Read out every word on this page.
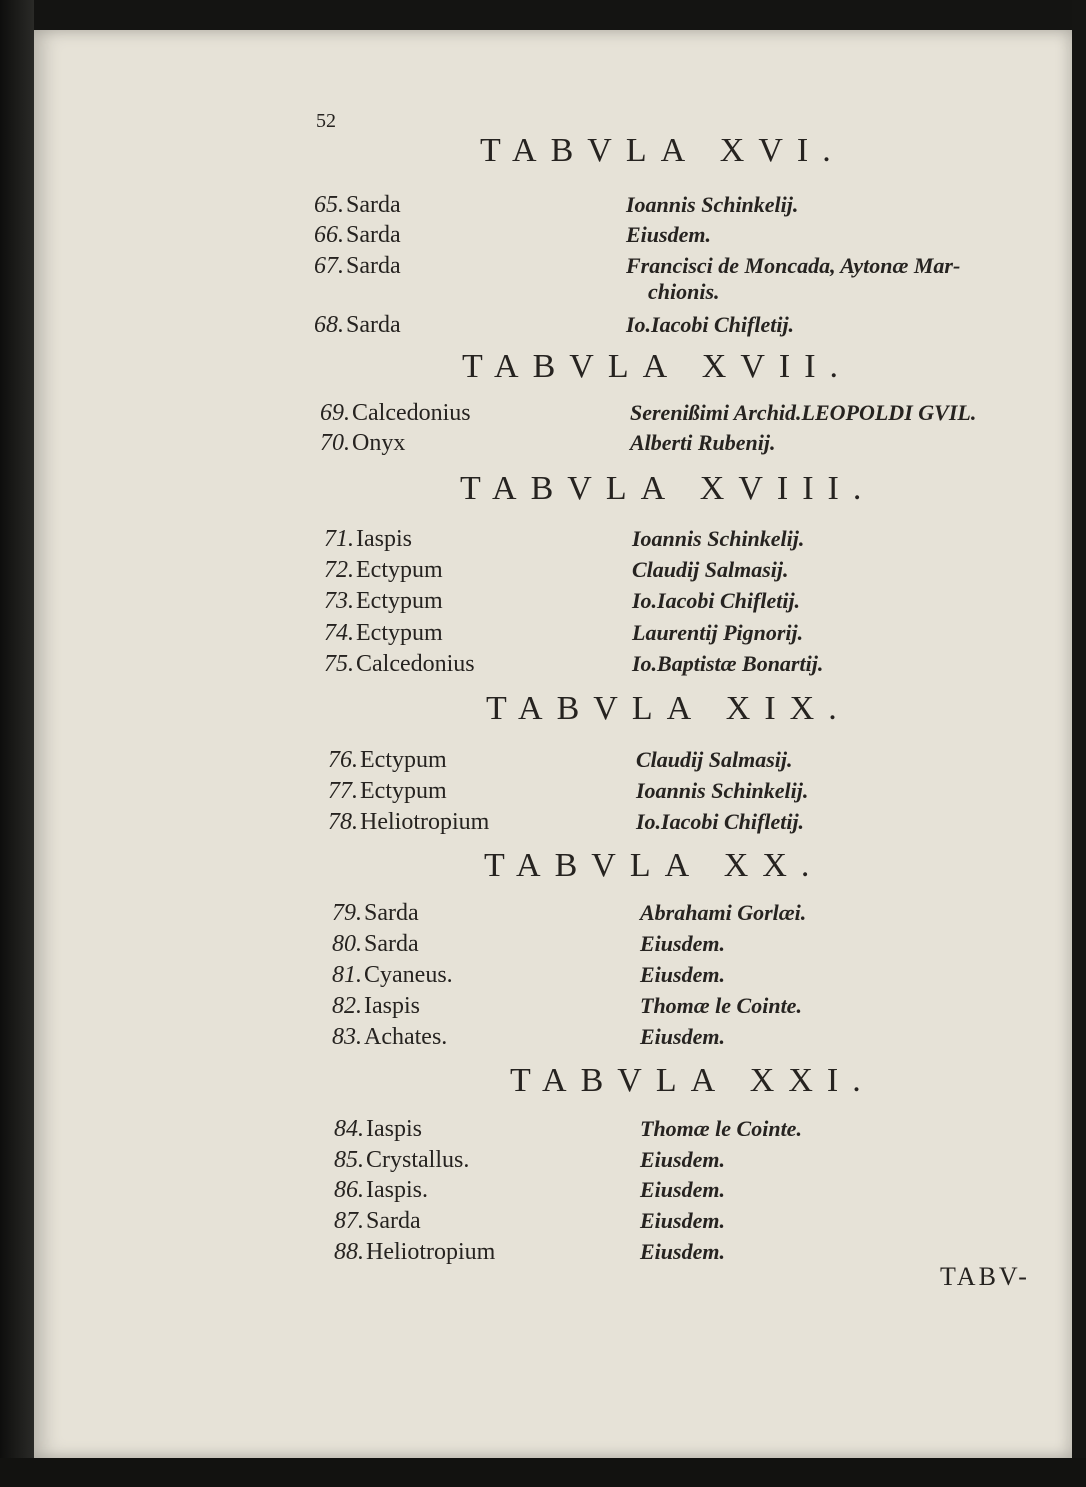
52
TABVLA XVI.
65. Sarda	Ioannis Schinkelij.
66. Sarda	Eiusdem.
67. Sarda	Francisci de Moncada, Aytonæ Mar-
chionis.
68. Sarda	Io.Iacobi Chifletij.
TABVLA XVII.
69. Calcedonius	Serenißimi Archid.LEOPOLDI GVIL.
70. Onyx	Alberti Rubenij.
TABVLA XVIII.
71. Iaspis	Ioannis Schinkelij.
72. Ectypum	Claudij Salmasij.
73. Ectypum	Io.Iacobi Chifletij.
74. Ectypum	Laurentij Pignorij.
75. Calcedonius	Io.Baptistæ Bonartij.
TABVLA XIX.
76. Ectypum	Claudij Salmasij.
77. Ectypum	Ioannis Schinkelij.
78. Heliotropium	Io.Iacobi Chifletij.
TABVLA XX.
79. Sarda	Abrahami Gorlæi.
80. Sarda	Eiusdem.
81. Cyaneus.	Eiusdem.
82. Iaspis	Thomæ le Cointe.
83. Achates.	Eiusdem.
TABVLA XXI.
84. Iaspis	Thomæ le Cointe.
85. Crystallus.	Eiusdem.
86. Iaspis.	Eiusdem.
87. Sarda	Eiusdem.
88. Heliotropium	Eiusdem.
TABV-
